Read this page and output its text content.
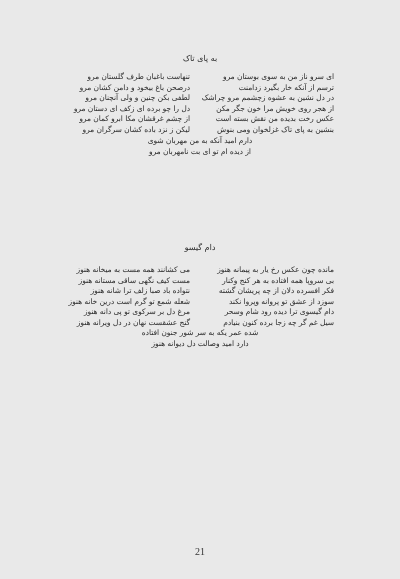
به پای تاک
ای سرو ناز من به سوی بوستان مرو
ترسم از آنکه خار بگیرد زدامنت
در دل نشین به عشوه زچشمم مرو چراشک
از هجر روی خویش مرا خون جگر مکن
عکس رخت بدیده من نقش بسته است
بنشین به پای تاک غزلخوان ومی بنوش
تنهاست باغبان طرف گلستان مرو
درصحن باغ بیخود و دامن کشان مرو
لطفی بکن چنین و ولی آنچنان مرو
دل را چو برده ای زکف ای دستان مرو
از چشم غرقشان مکا ابرو کمان مرو
لیکن ز نزد باده کشان سرگران مرو
دارم امید آنکه به من مهربان شوی
از دیده ام تو ای بت نامهربان مرو
دام گیسو
مانده چون عکس رخ یار به پیمانه هنوز
بی سروپا همه افتاده به هر کنج وکنار
فکر افسرده دلان از چه پریشان گشته
سوزد از عشق تو پروانه وپروا نکند
دام گیسوی ترا دیده رود شام وسحر
سیل غم گر چه زجا برده کنون بنیادم
می کشانند همه مست به میخانه هنوز
مست کیف نگهی ساقی مستانه هنوز
نتواده باد صبا زلف ترا شانه هنوز
شعله شمع تو گرم است درین خانه هنوز
مرغ دل بر سرکوی تو پی دانه هنوز
گنج عشقست نهان در دل ویرانه هنوز
شده عمر یکه به سر شور جنون افتاده
دارد امید وصالت دل دیوانه هنوز
21
